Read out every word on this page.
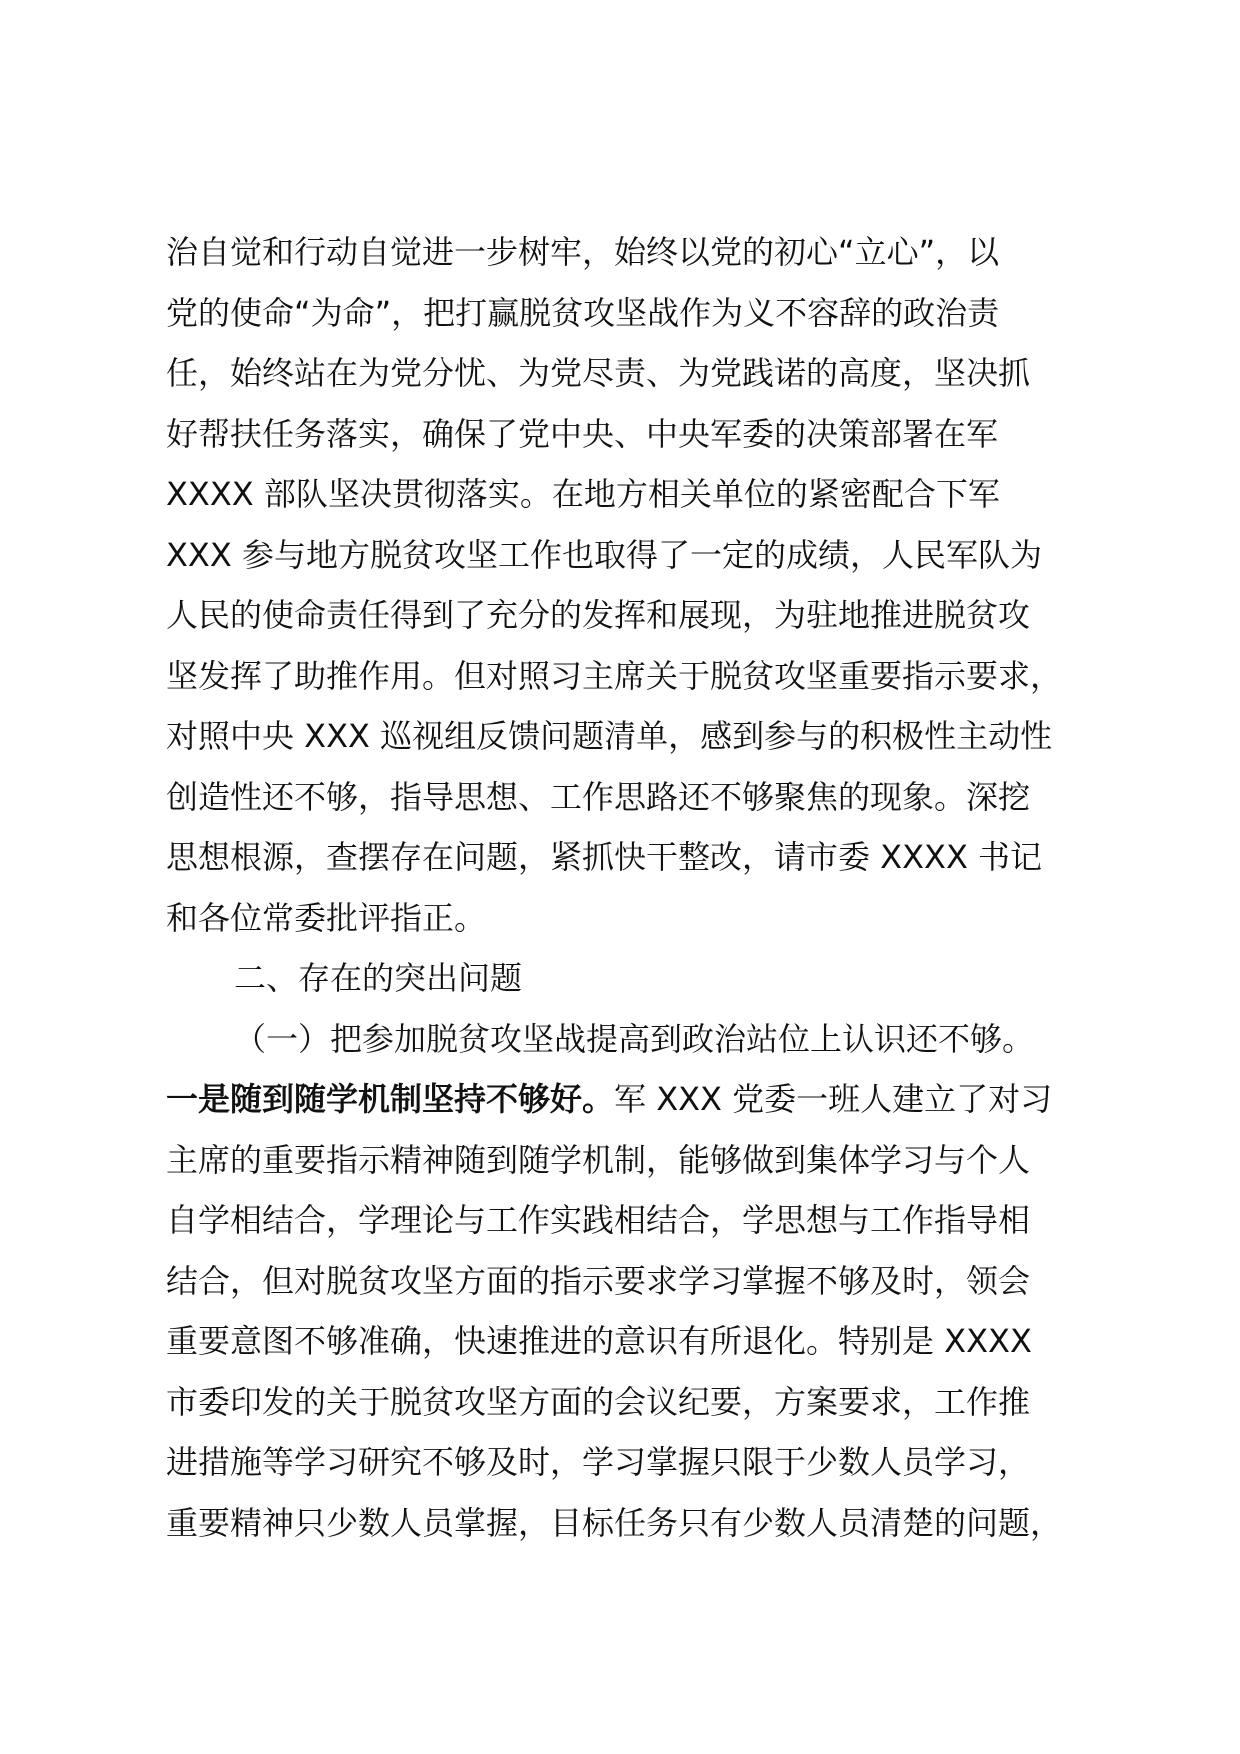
治自觉和行动自觉进一步树牢，始终以党的初心“立心”，以

党的使命“为命”，把打赢脱贫攻坚战作为义不容辞的政治责

任，始终站在为党分忧、为党尽责、为党践诺的高度，坚决抓

好帮扶任务落实，确保了党中央、中央军委的决策部署在军

XXXX 部队坚决贯彻落实。在地方相关单位的紧密配合下军

XXX 参与地方脱贫攻坚工作也取得了一定的成绩，人民军队为

人民的使命责任得到了充分的发挥和展现，为驻地推进脱贫攻

坚发挥了助推作用。但对照习主席关于脱贫攻坚重要指示要求，

对照中央 XXX 巡视组反馈问题清单，感到参与的积极性主动性

创造性还不够，指导思想、工作思路还不够聚焦的现象。深挖

思想根源，查摆存在问题，紧抓快干整改，请市委 XXXX 书记

和各位常委批评指正。

二、存在的突出问题

（一）把参加脱贫攻坚战提高到政治站位上认识还不够。

一是随到随学机制坚持不够好。军 XXX 党委一班人建立了对习

主席的重要指示精神随到随学机制，能够做到集体学习与个人

自学相结合，学理论与工作实践相结合，学思想与工作指导相

结合，但对脱贫攻坚方面的指示要求学习掌握不够及时，领会

重要意图不够准确，快速推进的意识有所退化。特别是 XXXX

市委印发的关于脱贫攻坚方面的会议纪要，方案要求，工作推

进措施等学习研究不够及时，学习掌握只限于少数人员学习，

重要精神只少数人员掌握，目标任务只有少数人员清楚的问题，
